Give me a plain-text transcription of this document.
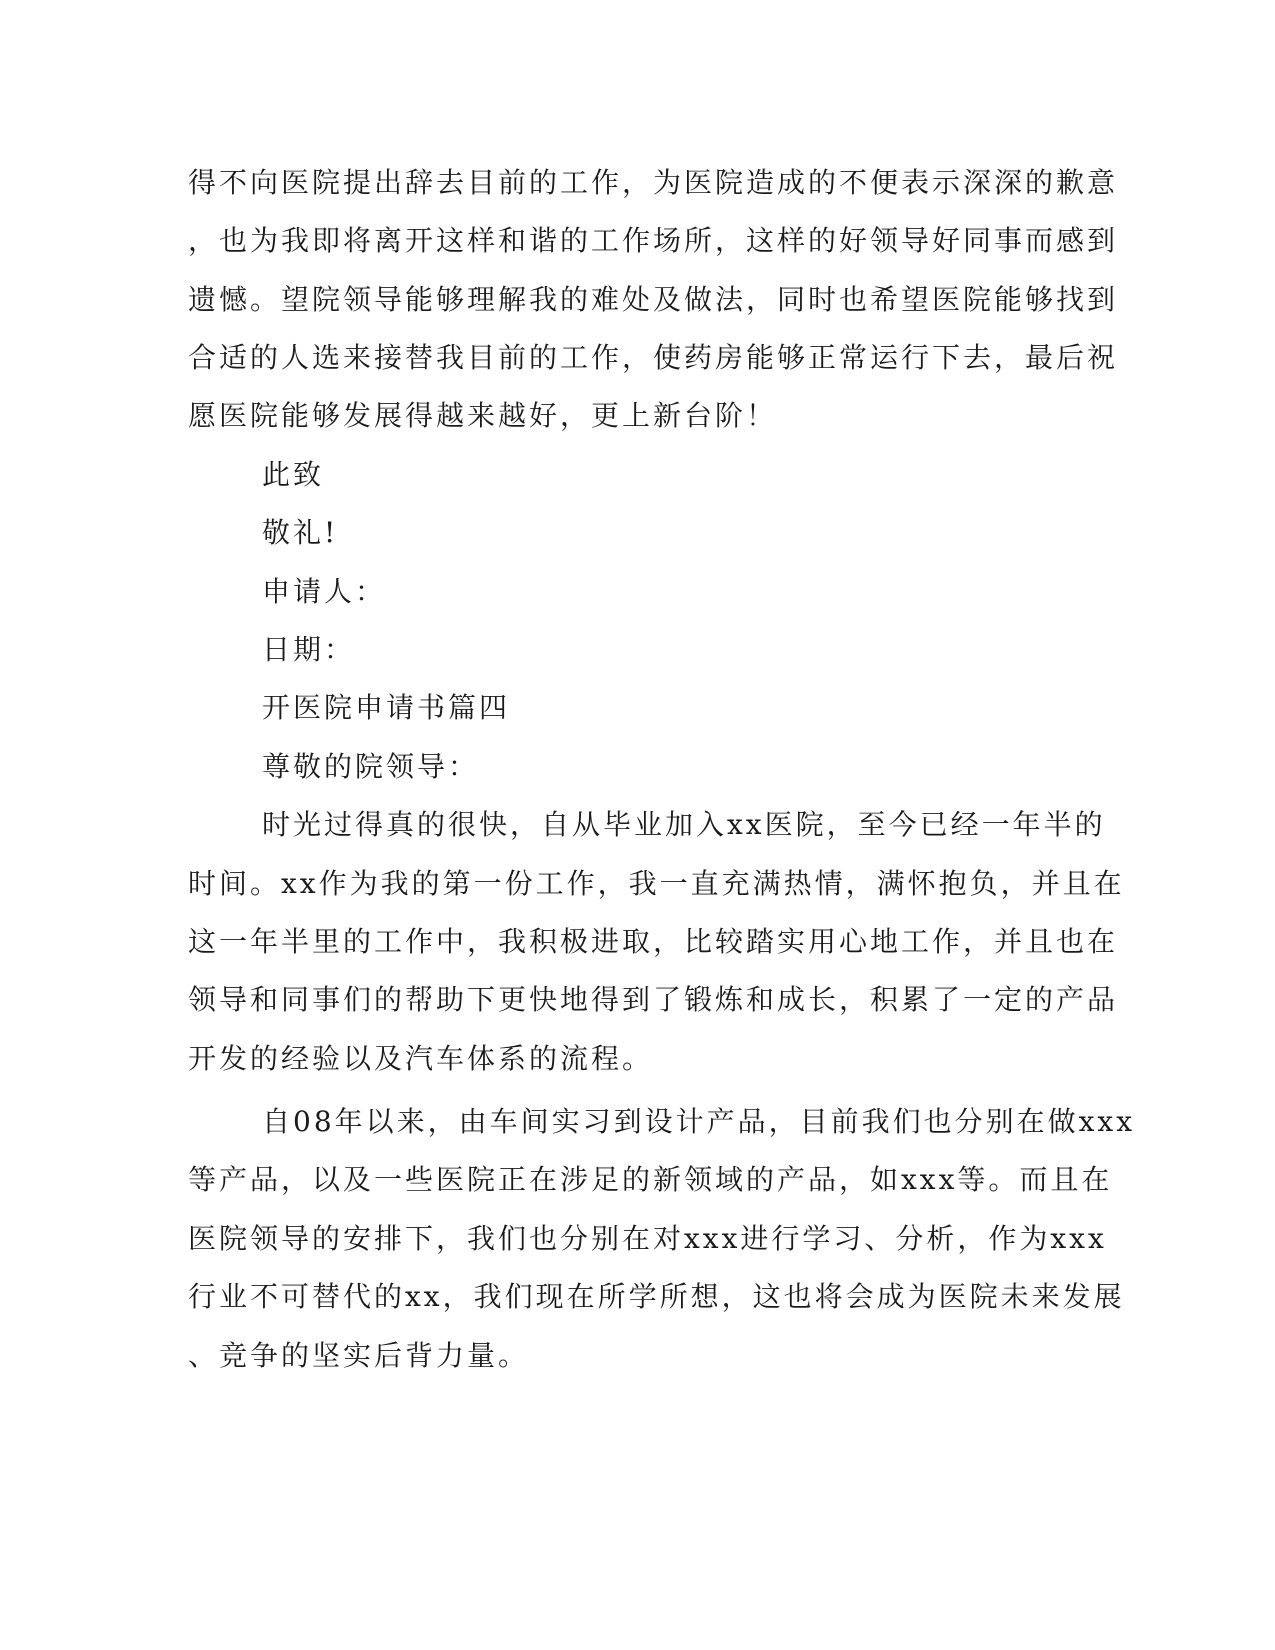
得不向医院提出辞去目前的工作，为医院造成的不便表示深深的歉意
，也为我即将离开这样和谐的工作场所，这样的好领导好同事而感到
遗憾。望院领导能够理解我的难处及做法，同时也希望医院能够找到
合适的人选来接替我目前的工作，使药房能够正常运行下去，最后祝
愿医院能够发展得越来越好，更上新台阶！
此致
敬礼!
申请人：
日期：
开医院申请书篇四
尊敬的院领导：
时光过得真的很快，自从毕业加入xx医院，至今已经一年半的
时间。xx作为我的第一份工作，我一直充满热情，满怀抱负，并且在
这一年半里的工作中，我积极进取，比较踏实用心地工作，并且也在
领导和同事们的帮助下更快地得到了锻炼和成长，积累了一定的产品
开发的经验以及汽车体系的流程。
自08年以来，由车间实习到设计产品，目前我们也分别在做xxx
等产品，以及一些医院正在涉足的新领域的产品，如xxx等。而且在
医院领导的安排下，我们也分别在对xxx进行学习、分析，作为xxx
行业不可替代的xx，我们现在所学所想，这也将会成为医院未来发展
、竞争的坚实后背力量。
